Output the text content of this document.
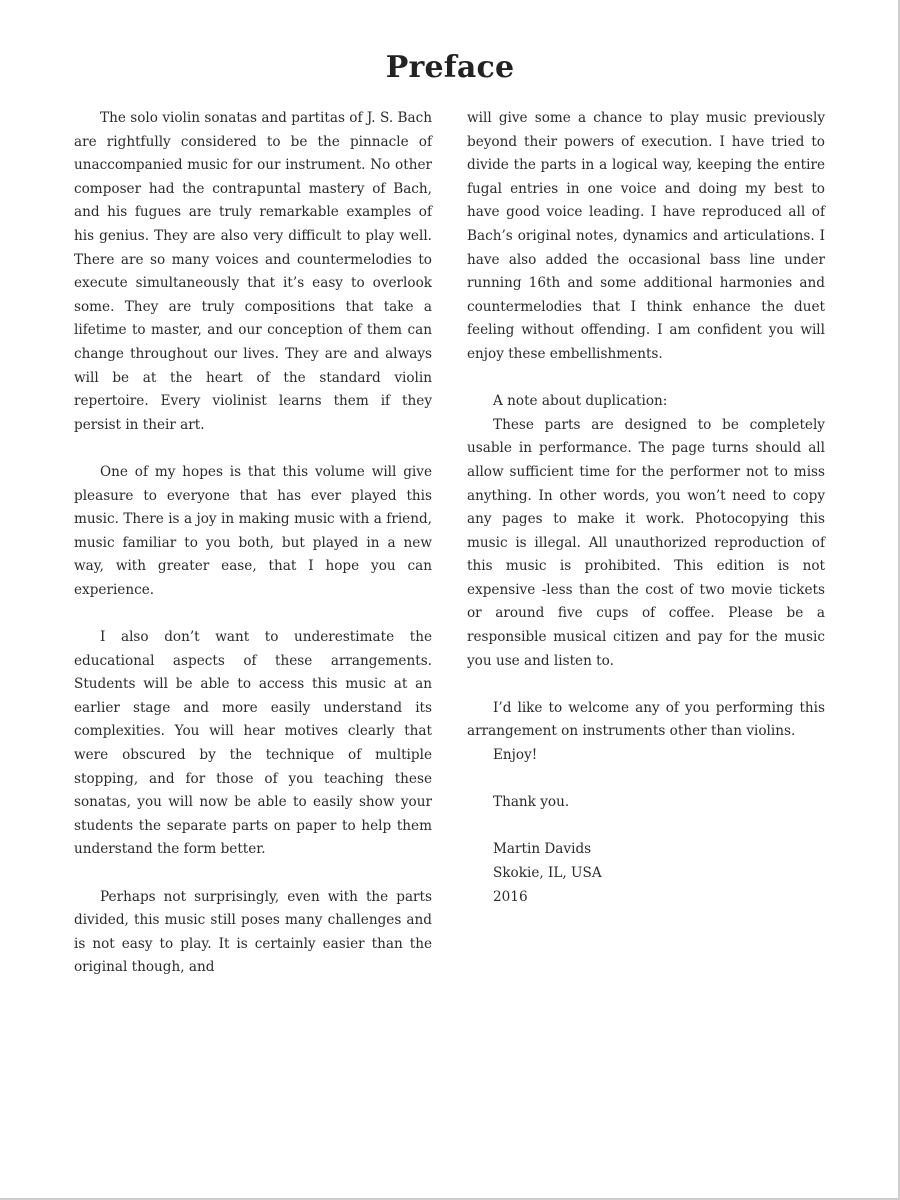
Preface

The solo violin sonatas and partitas of J. S. Bach are rightfully considered to be the pinnacle of unaccompanied music for our instrument. No other composer had the contrapuntal mastery of Bach, and his fugues are truly remarkable examples of his genius. They are also very difficult to play well. There are so many voices and countermelodies to execute simultaneously that it’s easy to overlook some. They are truly compositions that take a lifetime to master, and our conception of them can change throughout our lives. They are and always will be at the heart of the standard violin repertoire. Every violinist learns them if they persist in their art.

One of my hopes is that this volume will give pleasure to everyone that has ever played this music. There is a joy in making music with a friend, music familiar to you both, but played in a new way, with greater ease, that I hope you can experience.

I also don’t want to underestimate the educational aspects of these arrangements. Students will be able to access this music at an earlier stage and more easily understand its complexities. You will hear motives clearly that were obscured by the technique of multiple stopping, and for those of you teaching these sonatas, you will now be able to easily show your students the separate parts on paper to help them understand the form better.

Perhaps not surprisingly, even with the parts divided, this music still poses many challenges and is not easy to play. It is certainly easier than the original though, and

will give some a chance to play music previously beyond their powers of execution. I have tried to divide the parts in a logical way, keeping the entire fugal entries in one voice and doing my best to have good voice leading. I have reproduced all of Bach’s original notes, dynamics and articulations. I have also added the occasional bass line under running 16th and some additional harmonies and countermelodies that I think enhance the duet feeling without offending. I am confident you will enjoy these embellishments.

A note about duplication:

These parts are designed to be completely usable in performance. The page turns should all allow sufficient time for the performer not to miss anything. In other words, you won’t need to copy any pages to make it work. Photocopying this music is illegal. All unauthorized reproduction of this music is prohibited. This edition is not expensive -less than the cost of two movie tickets or around five cups of coffee. Please be a responsible musical citizen and pay for the music you use and listen to.

I’d like to welcome any of you performing this arrangement on instruments other than violins.

Enjoy!

Thank you.

Martin Davids

Skokie, IL, USA

2016
